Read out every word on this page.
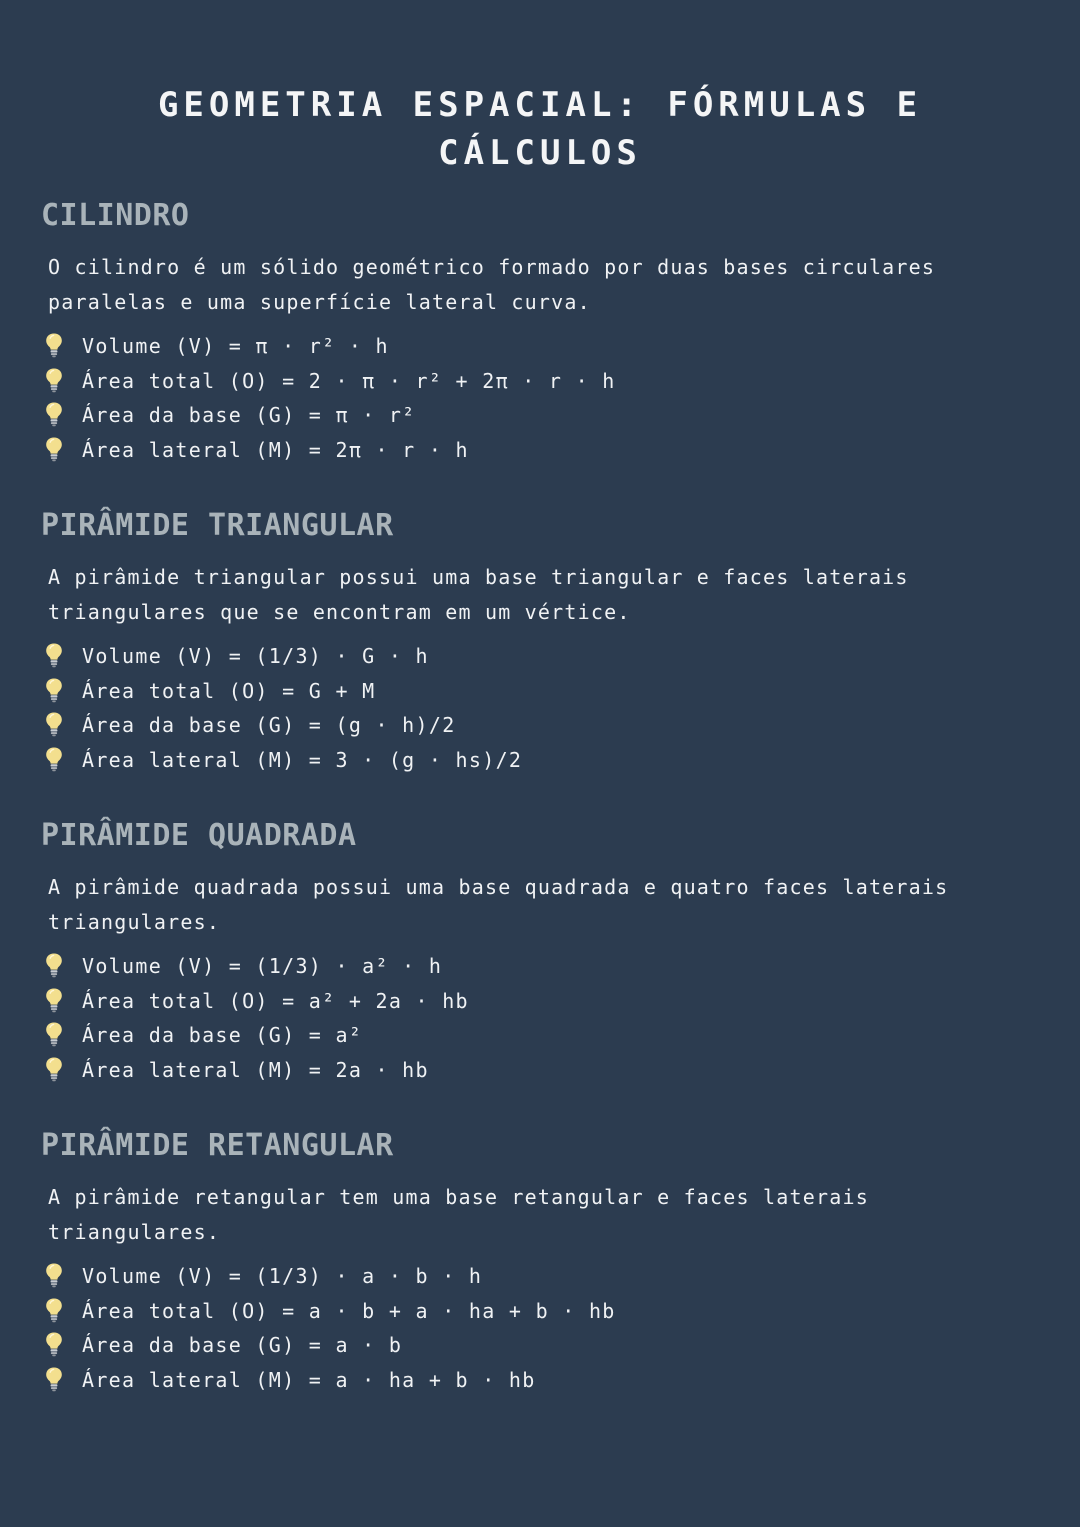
GEOMETRIA ESPACIAL: FÓRMULAS E CÁLCULOS
CILINDRO

O cilindro é um sólido geométrico formado por duas bases circulares paralelas e uma superfície lateral curva.

Volume (V) = π · r² · h
Área total (O) = 2 · π · r² + 2π · r · h
Área da base (G) = π · r²
Área lateral (M) = 2π · r · h
PIRÂMIDE TRIANGULAR

A pirâmide triangular possui uma base triangular e faces laterais triangulares que se encontram em um vértice.

Volume (V) = (1/3) · G · h
Área total (O) = G + M
Área da base (G) = (g · h)/2
Área lateral (M) = 3 · (g · hs)/2
PIRÂMIDE QUADRADA

A pirâmide quadrada possui uma base quadrada e quatro faces laterais triangulares.

Volume (V) = (1/3) · a² · h
Área total (O) = a² + 2a · hb
Área da base (G) = a²
Área lateral (M) = 2a · hb
PIRÂMIDE RETANGULAR

A pirâmide retangular tem uma base retangular e faces laterais triangulares.

Volume (V) = (1/3) · a · b · h
Área total (O) = a · b + a · ha + b · hb
Área da base (G) = a · b
Área lateral (M) = a · ha + b · hb
